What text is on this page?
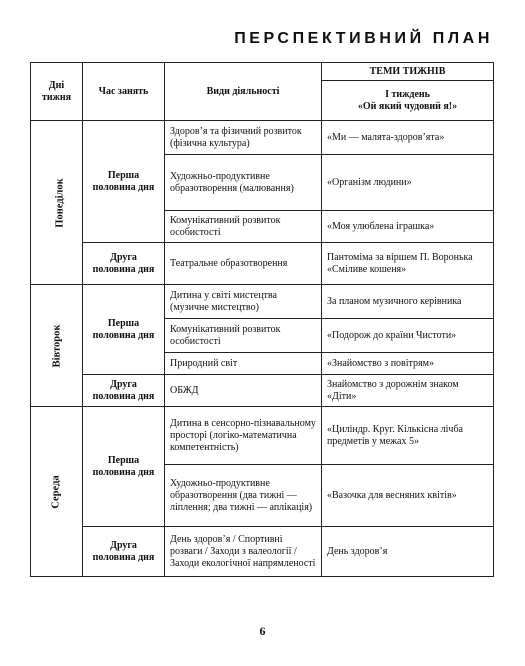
ПЕРСПЕКТИВНИЙ ПЛАН
Дні тижня	Час занять	Види діяльності	ТЕМИ ТИЖНІВ
			І тиждень
«Ой який чудовий я!»
Понеділок	Перша половина дня	Здоров’я та фізичний розвиток (фізична культура)	«Ми — малята-здоров’ята»
		Художньо-продуктивне образотворення (малювання)	«Організм людини»
		Комунікативний розвиток особистості	«Моя улюблена іграшка»
	Друга половина дня	Театральне образотворення	Пантоміма за віршем П. Воронька «Сміливе кошеня»
Вівторок	Перша половина дня	Дитина у світі мистецтва (музичне мистецтво)	За планом музичного керівника
		Комунікативний розвиток особистості	«Подорож до країни Чистоти»
		Природний світ	«Знайомство з повітрям»
	Друга половина дня	ОБЖД	Знайомство з дорожнім знаком «Діти»
Середа	Перша половина дня	Дитина в сенсорно-пізнавальному просторі (логіко-математична компетентність)	«Циліндр. Круг. Кількісна лічба предметів у межах 5»
		Художньо-продуктивне образотворення (два тижні — ліплення; два тижні — аплікація)	«Вазочка для весняних квітів»
	Друга половина дня	День здоров’я / Спортивні розваги / Заходи з валеології / Заходи екологічної напрямленості	День здоров’я
6
